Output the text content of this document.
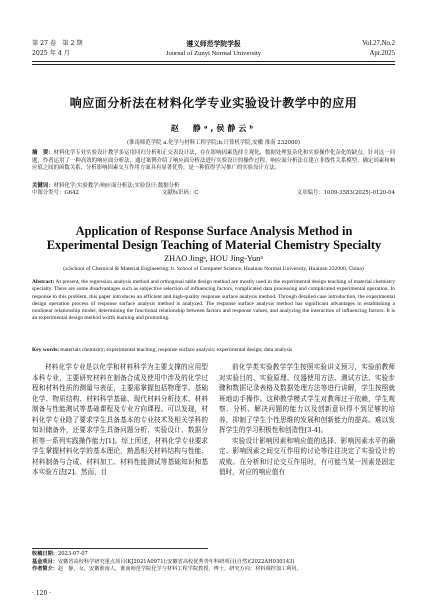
第 27 卷　第 2 期
2025 年 4 月
遵义师范学院学报
Journal of Zunyi Normal University
Vol.27,No.2
Apr.2025
响应面分析法在材料化学专业实验设计教学中的应用
赵　静ᵃ,侯静云ᵇ
(淮南师范学院 a.化学与材料工程学院;b.计算机学院,安徽 淮南 232000)
摘　要：材料化学专业实验设计教学多运用回归分析和正交表设计法，存在影响因素选择主观化、数据处理复杂化和实验操作化杂化的缺点。针对这一问题，作者运用了一种高效的响应面分析法，通过案例介绍了响应面分析法进行实验设计的操作过程。响应面分析法在建立非线性关系模型、确定因素和响应值之间的函数关系、分析影响因素交互作用方面具有显著优势，是一种值得学习推广的实验设计方法。
关键词：材料化学;实验教学;响应面分析法;实验设计;数据分析
中图分类号：G642	文献标识码：C	文章编号：1009-3583(2025)-0120-04
Application of Response Surface Analysis Method in Experimental Design Teaching of Material Chemistry Specialty
ZHAO Jingᵃ, HOU Jing-Yunᵇ
(a.School of Chemical & Material Engineering; b. School of Computer Science, Huainan Normal University, Huainan 232000, China)
Abstract: At present, the regression analysis method and orthogonal table design method are mostly used in the experimental design teaching of material chemistry specialty. There are some disadvantages such as subjective selection of influencing factors, complicated data processing and complicated experimental operation. In response to this problem, this paper introduces an efficient and high-quality response surface analysis method. Through detailed case introduction, the experimental design operation process of response surface analysis method is analyzed. The response surface analysis method has significant advantages in establishing a nonlinear relationship model, determining the functional relationship between factors and response values, and analyzing the interaction of influencing factors. It is an experimental design method worth learning and promoting.
Key words: materials chemistry; experimental teaching; response surface analysis; experimental design; data analysis

材料化学专业是以化学和材料科学为主要支撑的应用型本科专业，主要研究材料在制备合成及使用中涉及的化学过程和材料性质的测量与表征，主要需掌握包括物理学、基础化学、物质结构、材料科学基础、现代材料分析技术、材料制备与性能测试等基础课程及专业方向课程。可以发现，材料化学专业除了要求学生具备基本的专业技术及相关学科的知识储备外，还要求学生具备问题分析、实验设计、数据分析等一系列实践操作能力[1]。综上所述，材料化学专业要求学生掌握材料化学的基本理论，熟悉相关材料结构与性能、材料制备与合成、材料加工、材料性能测试等基础知识和基本实验方法[2]。然而，目

前化学类实验教学学生按照实验讲义预习，实验前教师对实验目的、实验原理、仪器使用方法、测试方法、实验步骤和数据记录表格及数据处理方法等进行讲解，学生按照就班地动手操作。这种教学模式学生对教师过于依赖，学生观察、分析、解决问题的能力以及创新意识得不到足够的培养，抑制了学生个性思维的发展和创新能力的提高。难以发挥学生的学习积极性和创造性[3-4]。

实验设计影响因素和响应值的选择、影响因素水平的确定、影响因素之间交互作用的讨论等往往决定了实验设计的成败。在分析和讨论交互作用时，有可能当某一因素是固定值时，对应的响应值有

收稿日期：2023-07-07
基金项目：安徽省高校科学研究重点项目(KJ2021A0971);安徽省高校优秀青年科研项目(自然)(2022AH030143)
作者简介：赵　静，女，安徽淮南人，淮南师范学院化学与材料工程学院教授，博士，研究方向：材料调控加工利用。
· 120 ·
